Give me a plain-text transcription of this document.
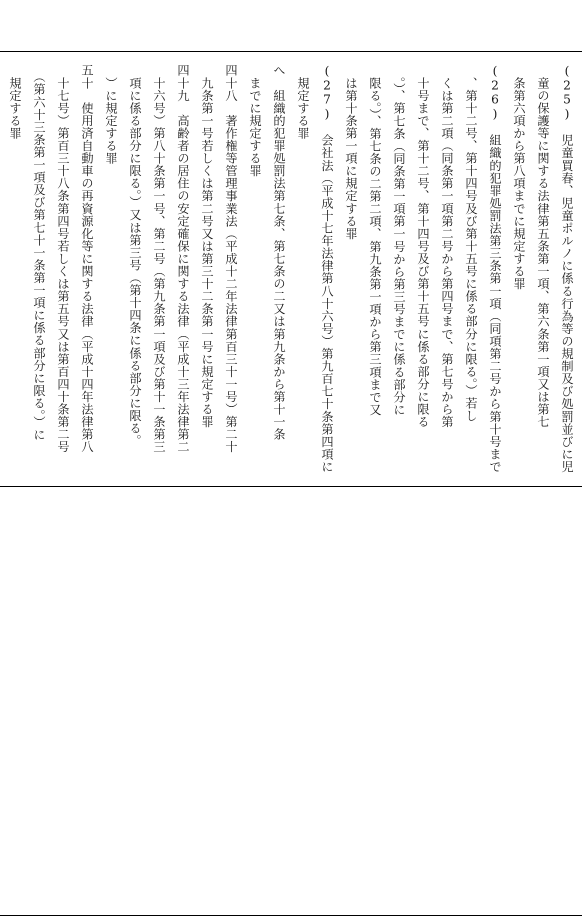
(25)　児童買春、児童ポルノに係る行為等の規制及び処罰並びに児
　童の保護等に関する法律第五条第一項、第六条第一項又は第七
　条第六項から第八項までに規定する罪
(26)　組織的犯罪処罰法第三条第一項（同項第二号から第十号まで
　、第十二号、第十四号及び第十五号に係る部分に限る。）若し
　くは第二項（同条第一項第二号から第四号まで、第七号から第
　十号まで、第十二号、第十四号及び第十五号に係る部分に限る
　。）、第七条（同条第一項第一号から第三号までに係る部分に
　限る。）、第七条の二第二項、第九条第一項から第三項まで又
　は第十条第一項に規定する罪
(27)　会社法（平成十七年法律第八十六号）第九百七十条第四項に
　規定する罪
へ　組織的犯罪処罰法第七条、第七条の二又は第九条から第十一条
　までに規定する罪
四十八　著作権等管理事業法（平成十二年法律第百三十一号）第二十
　九条第一号若しくは第二号又は第三十二条第一号に規定する罪
四十九　高齢者の居住の安定確保に関する法律（平成十三年法律第二
　十六号）第八十条第一号、第二号（第九条第一項及び第十一条第三
　項に係る部分に限る。）又は第三号（第十四条に係る部分に限る。
　）に規定する罪
五十　使用済自動車の再資源化等に関する法律（平成十四年法律第八
　十七号）第百三十八条第四号若しくは第五号又は第百四十条第二号
　（第六十三条第一項及び第七十一条第一項に係る部分に限る。）に
　規定する罪
